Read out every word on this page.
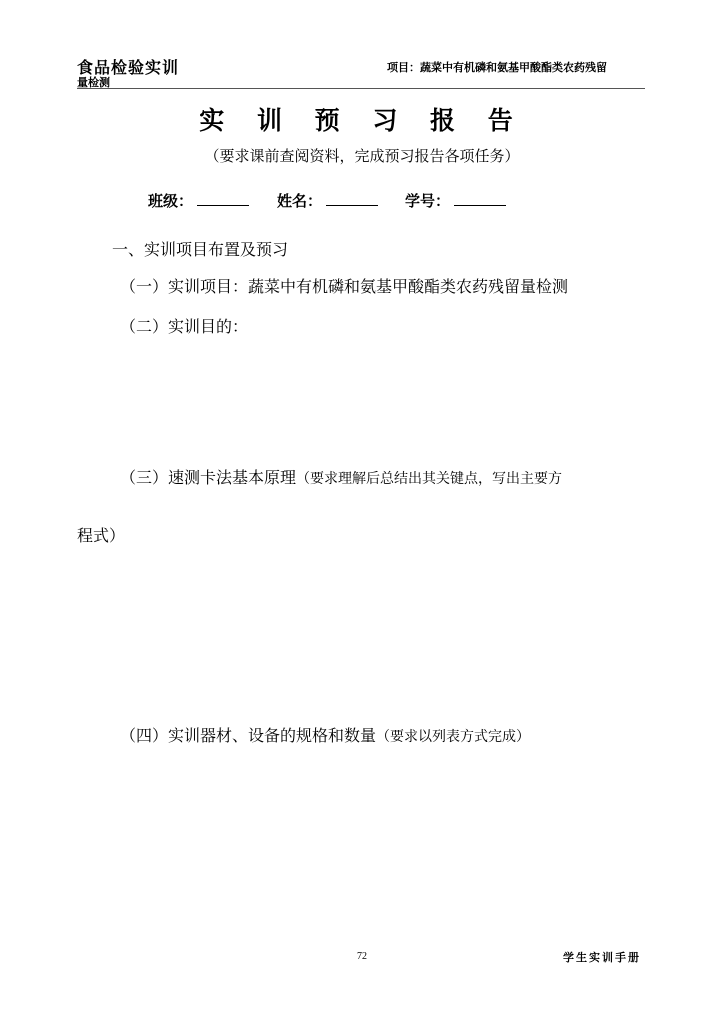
食品检验实训	项目：蔬菜中有机磷和氨基甲酸酯类农药残留
量检测
实 训 预 习 报 告
（要求课前查阅资料，完成预习报告各项任务）
班级：	姓名：	学号：
一、实训项目布置及预习
（一）实训项目：蔬菜中有机磷和氨基甲酸酯类农药残留量检测
（二）实训目的：
（三）速测卡法基本原理（要求理解后总结出其关键点，写出主要方
程式）
（四）实训器材、设备的规格和数量（要求以列表方式完成）
72	学生实训手册
